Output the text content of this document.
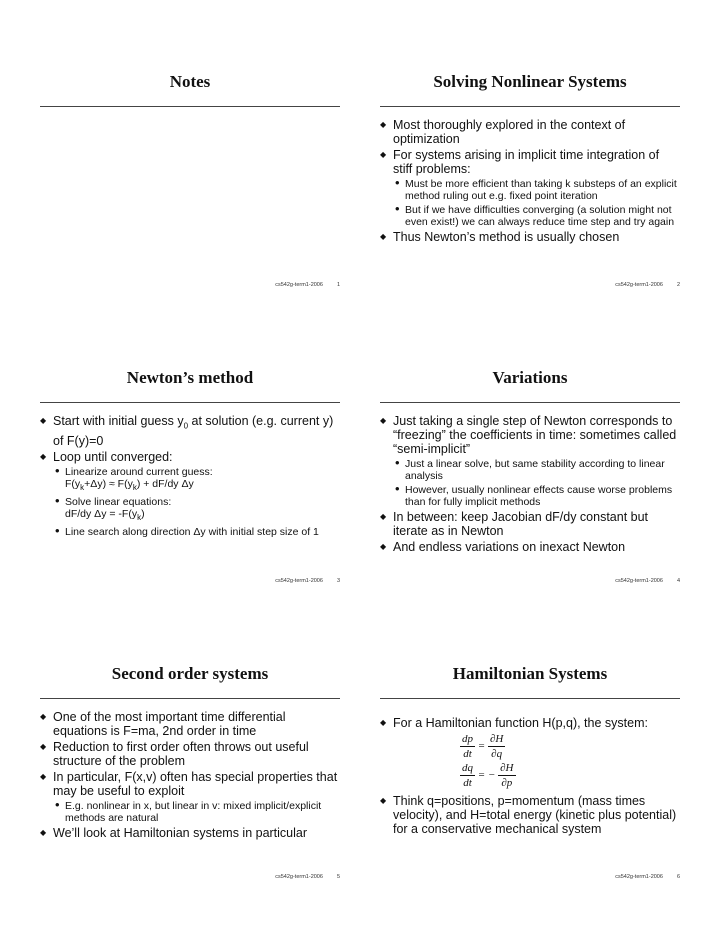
Notes
cs542g-term1-2006	1
Solving Nonlinear Systems
◆ Most thoroughly explored in the context of optimization
◆ For systems arising in implicit time integration of stiff problems:
• Must be more efficient than taking k substeps of an explicit method ruling out e.g. fixed point iteration
• But if we have difficulties converging (a solution might not even exist!) we can always reduce time step and try again
◆ Thus Newton’s method is usually chosen
cs542g-term1-2006	2
Newton’s method
◆ Start with initial guess $y_0$ at solution (e.g. current y) of F(y)=0
◆ Loop until converged:
• Linearize around current guess:
$F(y_k+\Delta y) \approx F(y_k) + dF/dy$ Δy
• Solve linear equations:
dF/dy $\Delta y = -F(y_k)$
• Line search along direction Δy with initial step size of 1
cs542g-term1-2006	3
Variations
◆ Just taking a single step of Newton corresponds to “freezing” the coefficients in time: sometimes called “semi-implicit”
• Just a linear solve, but same stability according to linear analysis
• However, usually nonlinear effects cause worse problems than for fully implicit methods
◆ In between: keep Jacobian dF/dy constant but iterate as in Newton
◆ And endless variations on inexact Newton
cs542g-term1-2006	4
Second order systems
◆ One of the most important time differential equations is F=ma, 2nd order in time
◆ Reduction to first order often throws out useful structure of the problem
◆ In particular, F(x,v) often has special properties that may be useful to exploit
• E.g. nonlinear in x, but linear in v: mixed implicit/explicit methods are natural
◆ We’ll look at Hamiltonian systems in particular
cs542g-term1-2006	5
Hamiltonian Systems
◆ For a Hamiltonian function H(p,q), the system:
$\frac{dp}{dt} = \frac{\partial H}{\partial q}$
$\frac{dq}{dt}$ = − $\frac{\partial H}{\partial p}$
◆ Think q=positions, p=momentum (mass times velocity), and H=total energy (kinetic plus potential) for a conservative mechanical system
cs542g-term1-2006	6
